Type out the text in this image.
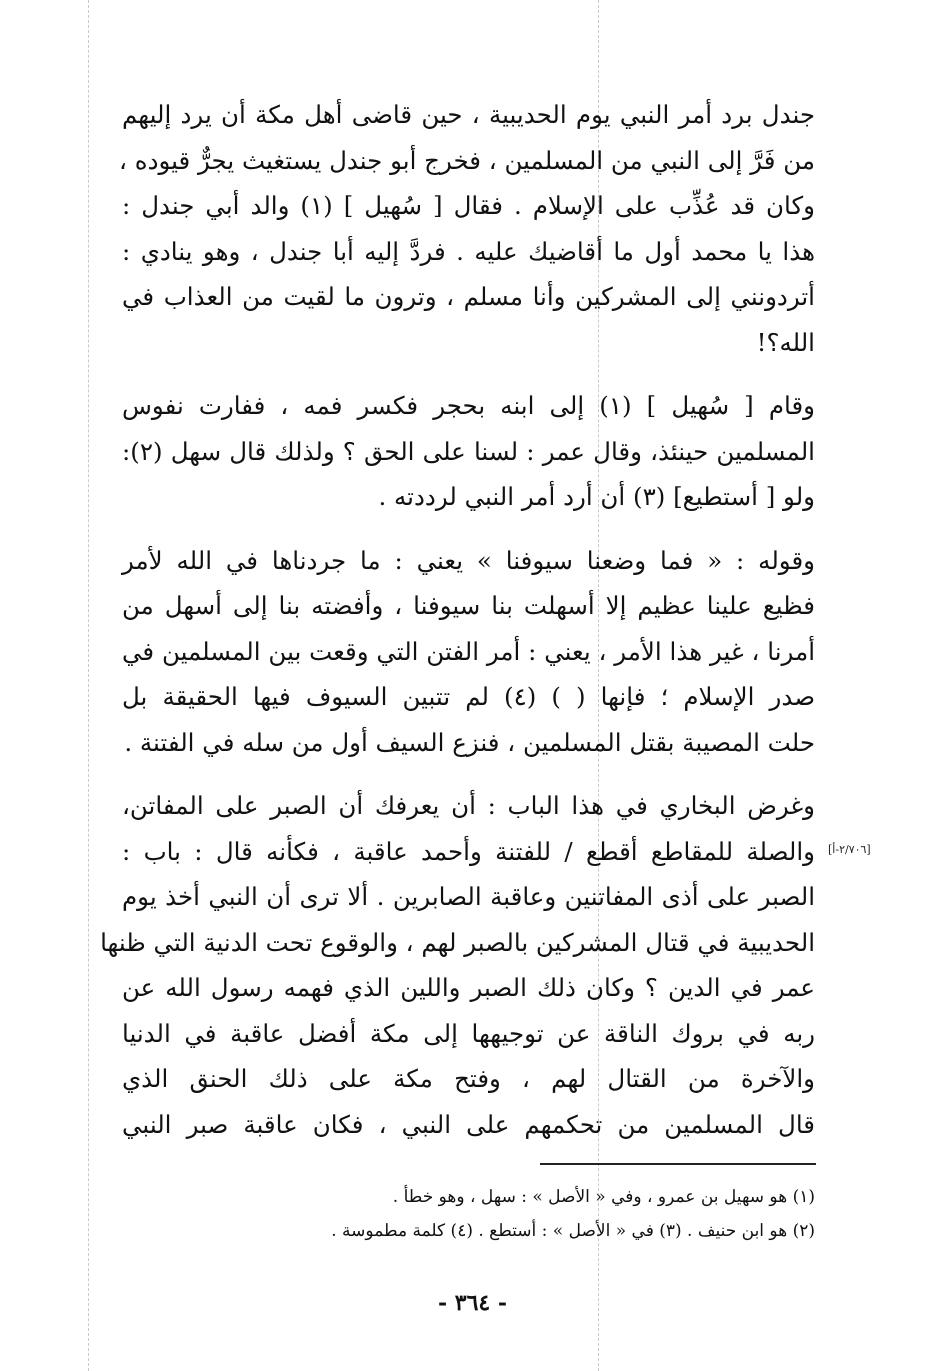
جندل برد أمر النبي يوم الحديبية ، حين قاضى أهل مكة أن يرد إليهم
من فَرَّ إلى النبي من المسلمين ، فخرج أبو جندل يستغيث يجرٌّ قيوده ،
وكان قد عُذِّب على الإسلام . فقال [ سُهيل ] (١) والد أبي جندل :
هذا يا محمد أول ما أقاضيك عليه . فردَّ إليه أبا جندل ، وهو ينادي :
أتردونني إلى المشركين وأنا مسلم ، وترون ما لقيت من العذاب في
الله؟!
وقام [ سُهيل ] (١) إلى ابنه بحجر فكسر فمه ، ففارت نفوس
المسلمين حينئذ، وقال عمر : لسنا على الحق ؟ ولذلك قال سهل (٢):
ولو [ أستطيع] (٣) أن أرد أمر النبي لرددته .
وقوله : « فما وضعنا سيوفنا » يعني : ما جردناها في الله لأمر
فظيع علينا عظيم إلا أسهلت بنا سيوفنا ، وأفضته بنا إلى أسهل من
أمرنا ، غير هذا الأمر ، يعني : أمر الفتن التي وقعت بين المسلمين في
صدر الإسلام ؛ فإنها ( ) (٤) لم تتبين السيوف فيها الحقيقة بل
حلت المصيبة بقتل المسلمين ، فنزع السيف أول من سله في الفتنة .
وغرض البخاري في هذا الباب : أن يعرفك أن الصبر على المفاتن،
والصلة للمقاطع أقطع / للفتنة وأحمد عاقبة ، فكأنه قال : باب :
الصبر على أذى المفاتنين وعاقبة الصابرين . ألا ترى أن النبي أخذ يوم
الحديبية في قتال المشركين بالصبر لهم ، والوقوع تحت الدنية التي ظنها
عمر في الدين ؟ وكان ذلك الصبر واللين الذي فهمه رسول الله عن
ربه في بروك الناقة عن توجيهها إلى مكة أفضل عاقبة في الدنيا
والآخرة من القتال لهم ، وفتح مكة على ذلك الحنق الذي
قال المسلمين من تحكمهم على النبي ، فكان عاقبة صبر النبي
[٢/٧٠٦-أ]
(١) هو سهيل بن عمرو ، وفي « الأصل » : سهل ، وهو خطأ .
(٢) هو ابن حنيف . (٣) في « الأصل » : أستطع . (٤) كلمة مطموسة .
- ٣٦٤ -
